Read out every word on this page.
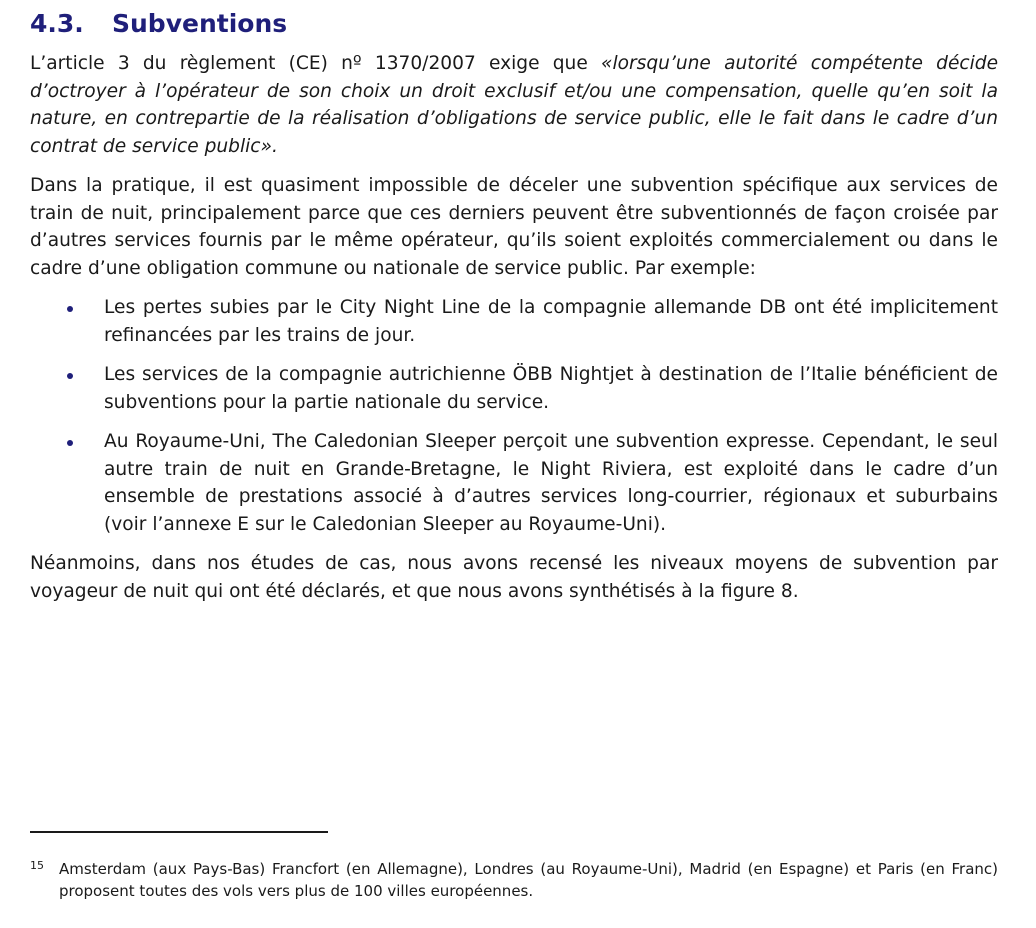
4.3.	Subventions

L’article 3 du règlement (CE) nº 1370/2007 exige que «lorsqu’une autorité compétente décide d’octroyer à l’opérateur de son choix un droit exclusif et/ou une compensation, quelle qu’en soit la nature, en contrepartie de la réalisation d’obligations de service public, elle le fait dans le cadre d’un contrat de service public».

Dans la pratique, il est quasiment impossible de déceler une subvention spécifique aux services de train de nuit, principalement parce que ces derniers peuvent être subventionnés de façon croisée par d’autres services fournis par le même opérateur, qu’ils soient exploités commercialement ou dans le cadre d’une obligation commune ou nationale de service public. Par exemple:

Les pertes subies par le City Night Line de la compagnie allemande DB ont été implicitement refinancées par les trains de jour.
Les services de la compagnie autrichienne ÖBB Nightjet à destination de l’Italie bénéficient de subventions pour la partie nationale du service.
Au Royaume-Uni, The Caledonian Sleeper perçoit une subvention expresse. Cependant, le seul autre train de nuit en Grande-Bretagne, le Night Riviera, est exploité dans le cadre d’un ensemble de prestations associé à d’autres services long-courrier, régionaux et suburbains (voir l’annexe E sur le Caledonian Sleeper au Royaume-Uni).

Néanmoins, dans nos études de cas, nous avons recensé les niveaux moyens de subvention par voyageur de nuit qui ont été déclarés, et que nous avons synthétisés à la figure 8.

15	Amsterdam (aux Pays-Bas) Francfort (en Allemagne), Londres (au Royaume-Uni), Madrid (en Espagne) et Paris (en Franc) proposent toutes des vols vers plus de 100 villes européennes.
